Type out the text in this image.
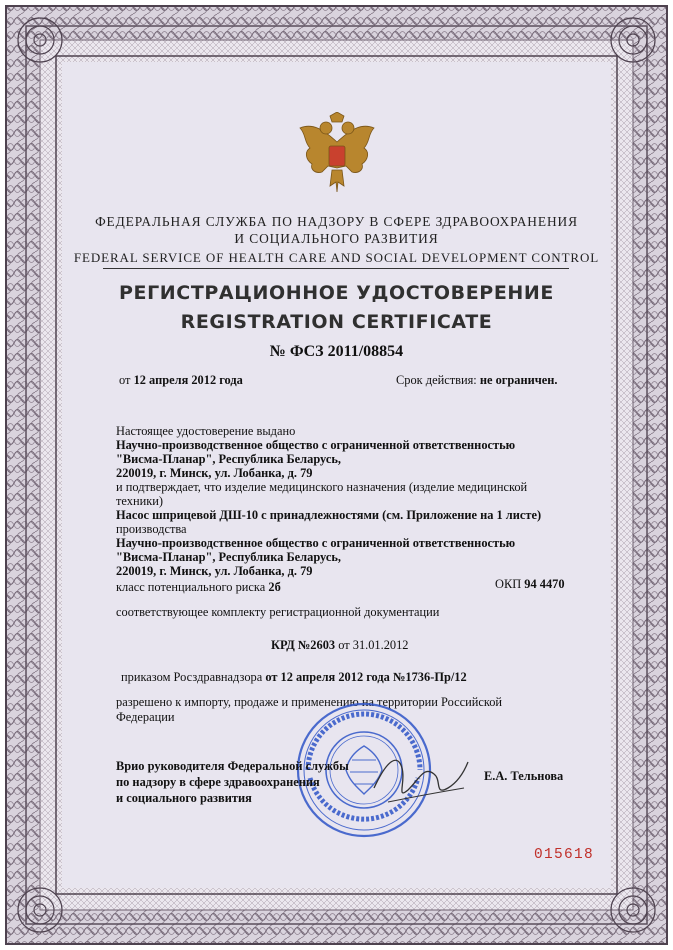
ФЕДЕРАЛЬНАЯ СЛУЖБА ПО НАДЗОРУ В СФЕРЕ ЗДРАВООХРАНЕНИЯ
И СОЦИАЛЬНОГО РАЗВИТИЯ
FEDERAL SERVICE OF HEALTH CARE AND SOCIAL DEVELOPMENT CONTROL
РЕГИСТРАЦИОННОЕ УДОСТОВЕРЕНИЕ
REGISTRATION CERTIFICATE
№ ФСЗ 2011/08854
от 12 апреля 2012 года	Срок действия: не ограничен.
Настоящее удостоверение выдано
Научно-производственное общество с ограниченной ответственностью
"Висма-Планар", Республика Беларусь,
220019, г. Минск, ул. Лобанка, д. 79
и подтверждает, что изделие медицинского назначения (изделие медицинской
техники)
Насос шприцевой ДШ-10 с принадлежностями (см. Приложение на 1 листе)
производства
Научно-производственное общество с ограниченной ответственностью
"Висма-Планар", Республика Беларусь,
220019, г. Минск, ул. Лобанка, д. 79
класс потенциального риска 2б	ОКП 94 4470
соответствующее комплекту регистрационной документации
КРД №2603 от 31.01.2012
приказом Росздравнадзора от 12 апреля 2012 года №1736-Пр/12
разрешено к импорту, продаже и применению на территории Российской
Федерации
Врио руководителя Федеральной службы
по надзору в сфере здравоохранения
и социального развития
Е.А. Тельнова
015618
